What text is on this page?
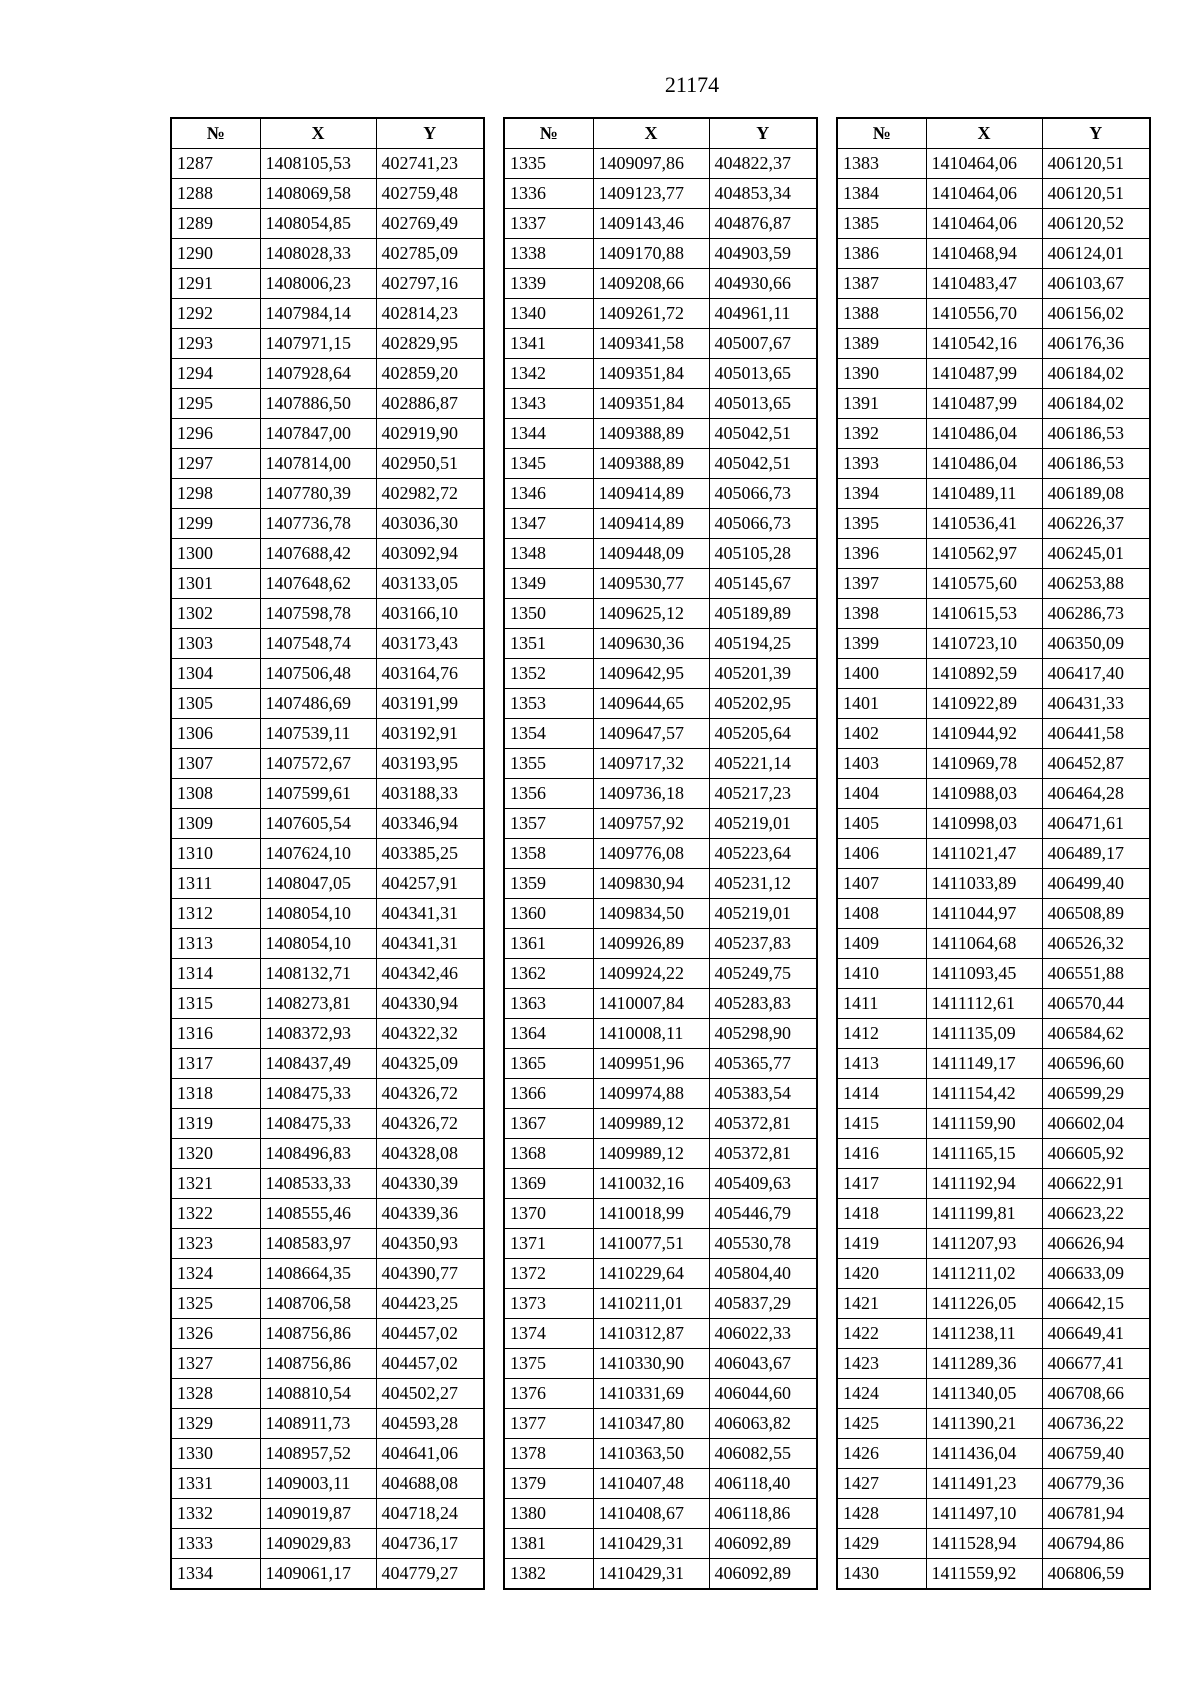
21174
№	X	Y
1287	1408105,53	402741,23
1288	1408069,58	402759,48
1289	1408054,85	402769,49
1290	1408028,33	402785,09
1291	1408006,23	402797,16
1292	1407984,14	402814,23
1293	1407971,15	402829,95
1294	1407928,64	402859,20
1295	1407886,50	402886,87
1296	1407847,00	402919,90
1297	1407814,00	402950,51
1298	1407780,39	402982,72
1299	1407736,78	403036,30
1300	1407688,42	403092,94
1301	1407648,62	403133,05
1302	1407598,78	403166,10
1303	1407548,74	403173,43
1304	1407506,48	403164,76
1305	1407486,69	403191,99
1306	1407539,11	403192,91
1307	1407572,67	403193,95
1308	1407599,61	403188,33
1309	1407605,54	403346,94
1310	1407624,10	403385,25
1311	1408047,05	404257,91
1312	1408054,10	404341,31
1313	1408054,10	404341,31
1314	1408132,71	404342,46
1315	1408273,81	404330,94
1316	1408372,93	404322,32
1317	1408437,49	404325,09
1318	1408475,33	404326,72
1319	1408475,33	404326,72
1320	1408496,83	404328,08
1321	1408533,33	404330,39
1322	1408555,46	404339,36
1323	1408583,97	404350,93
1324	1408664,35	404390,77
1325	1408706,58	404423,25
1326	1408756,86	404457,02
1327	1408756,86	404457,02
1328	1408810,54	404502,27
1329	1408911,73	404593,28
1330	1408957,52	404641,06
1331	1409003,11	404688,08
1332	1409019,87	404718,24
1333	1409029,83	404736,17
1334	1409061,17	404779,27
№	X	Y
1335	1409097,86	404822,37
1336	1409123,77	404853,34
1337	1409143,46	404876,87
1338	1409170,88	404903,59
1339	1409208,66	404930,66
1340	1409261,72	404961,11
1341	1409341,58	405007,67
1342	1409351,84	405013,65
1343	1409351,84	405013,65
1344	1409388,89	405042,51
1345	1409388,89	405042,51
1346	1409414,89	405066,73
1347	1409414,89	405066,73
1348	1409448,09	405105,28
1349	1409530,77	405145,67
1350	1409625,12	405189,89
1351	1409630,36	405194,25
1352	1409642,95	405201,39
1353	1409644,65	405202,95
1354	1409647,57	405205,64
1355	1409717,32	405221,14
1356	1409736,18	405217,23
1357	1409757,92	405219,01
1358	1409776,08	405223,64
1359	1409830,94	405231,12
1360	1409834,50	405219,01
1361	1409926,89	405237,83
1362	1409924,22	405249,75
1363	1410007,84	405283,83
1364	1410008,11	405298,90
1365	1409951,96	405365,77
1366	1409974,88	405383,54
1367	1409989,12	405372,81
1368	1409989,12	405372,81
1369	1410032,16	405409,63
1370	1410018,99	405446,79
1371	1410077,51	405530,78
1372	1410229,64	405804,40
1373	1410211,01	405837,29
1374	1410312,87	406022,33
1375	1410330,90	406043,67
1376	1410331,69	406044,60
1377	1410347,80	406063,82
1378	1410363,50	406082,55
1379	1410407,48	406118,40
1380	1410408,67	406118,86
1381	1410429,31	406092,89
1382	1410429,31	406092,89
№	X	Y
1383	1410464,06	406120,51
1384	1410464,06	406120,51
1385	1410464,06	406120,52
1386	1410468,94	406124,01
1387	1410483,47	406103,67
1388	1410556,70	406156,02
1389	1410542,16	406176,36
1390	1410487,99	406184,02
1391	1410487,99	406184,02
1392	1410486,04	406186,53
1393	1410486,04	406186,53
1394	1410489,11	406189,08
1395	1410536,41	406226,37
1396	1410562,97	406245,01
1397	1410575,60	406253,88
1398	1410615,53	406286,73
1399	1410723,10	406350,09
1400	1410892,59	406417,40
1401	1410922,89	406431,33
1402	1410944,92	406441,58
1403	1410969,78	406452,87
1404	1410988,03	406464,28
1405	1410998,03	406471,61
1406	1411021,47	406489,17
1407	1411033,89	406499,40
1408	1411044,97	406508,89
1409	1411064,68	406526,32
1410	1411093,45	406551,88
1411	1411112,61	406570,44
1412	1411135,09	406584,62
1413	1411149,17	406596,60
1414	1411154,42	406599,29
1415	1411159,90	406602,04
1416	1411165,15	406605,92
1417	1411192,94	406622,91
1418	1411199,81	406623,22
1419	1411207,93	406626,94
1420	1411211,02	406633,09
1421	1411226,05	406642,15
1422	1411238,11	406649,41
1423	1411289,36	406677,41
1424	1411340,05	406708,66
1425	1411390,21	406736,22
1426	1411436,04	406759,40
1427	1411491,23	406779,36
1428	1411497,10	406781,94
1429	1411528,94	406794,86
1430	1411559,92	406806,59
